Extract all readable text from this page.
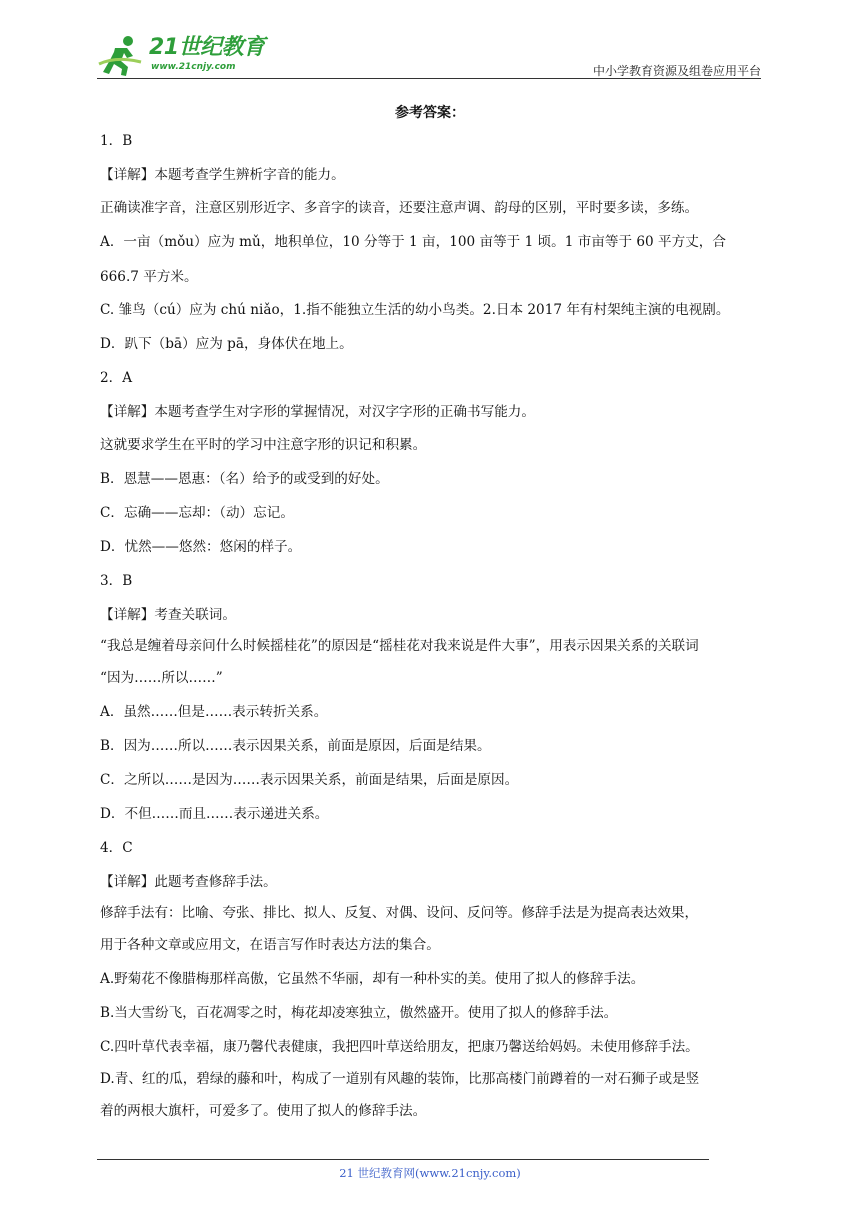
21世纪教育
www.21cnjy.com	中小学教育资源及组卷应用平台
参考答案：
1．B
【详解】本题考查学生辨析字音的能力。
正确读准字音，注意区别形近字、多音字的读音，还要注意声调、韵母的区别，平时要多读，多练。
A．一亩（mǒu）应为 mǔ，地积单位，10 分等于 1 亩，100 亩等于 1 顷。1 市亩等于 60 平方丈，合
666.7 平方米。
C. 雏鸟（cú）应为 chú niǎo，1.指不能独立生活的幼小鸟类。2.日本 2017 年有村架纯主演的电视剧。
D．趴下（bā）应为 pā，身体伏在地上。
2．A
【详解】本题考查学生对字形的掌握情况，对汉字字形的正确书写能力。
这就要求学生在平时的学习中注意字形的识记和积累。
B．恩慧——恩惠：（名）给予的或受到的好处。
C．忘确——忘却：（动）忘记。
D．忧然——悠然：悠闲的样子。
3．B
【详解】考查关联词。
“我总是缠着母亲问什么时候摇桂花”的原因是“摇桂花对我来说是件大事”，用表示因果关系的关联词
“因为……所以……”
A．虽然……但是……表示转折关系。
B．因为……所以……表示因果关系，前面是原因，后面是结果。
C．之所以……是因为……表示因果关系，前面是结果，后面是原因。
D．不但……而且……表示递进关系。
4．C
【详解】此题考查修辞手法。
修辞手法有：比喻、夸张、排比、拟人、反复、对偶、设问、反问等。修辞手法是为提高表达效果，
用于各种文章或应用文，在语言写作时表达方法的集合。
A.野菊花不像腊梅那样高傲，它虽然不华丽，却有一种朴实的美。使用了拟人的修辞手法。
B.当大雪纷飞，百花凋零之时，梅花却凌寒独立，傲然盛开。使用了拟人的修辞手法。
C.四叶草代表幸福，康乃馨代表健康，我把四叶草送给朋友，把康乃馨送给妈妈。未使用修辞手法。
D.青、红的瓜，碧绿的藤和叶，构成了一道别有风趣的装饰，比那高楼门前蹲着的一对石狮子或是竖
着的两根大旗杆，可爱多了。使用了拟人的修辞手法。
21 世纪教育网(www.21cnjy.com)
